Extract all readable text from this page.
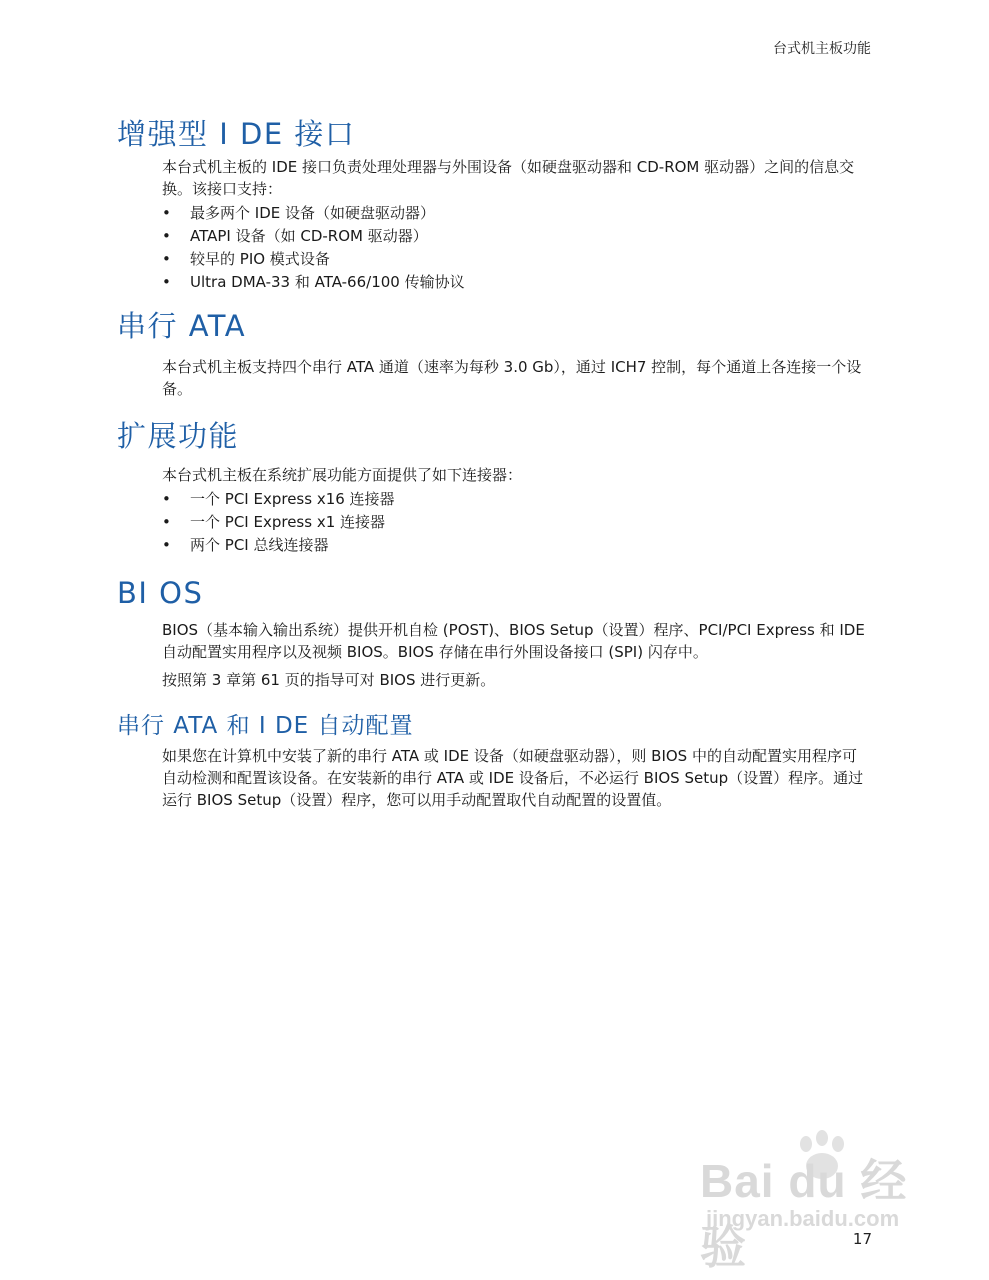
台式机主板功能
增强型 I DE 接口

本台式机主板的 IDE 接口负责处理处理器与外围设备（如硬盘驱动器和 CD-ROM 驱动器）之间的信息交换。该接口支持：

• 最多两个 IDE 设备（如硬盘驱动器）
• ATAPI 设备（如 CD-ROM 驱动器）
• 较早的 PIO 模式设备
• Ultra DMA-33 和 ATA-66/100 传输协议
串行 ATA

本台式机主板支持四个串行 ATA 通道（速率为每秒 3.0 Gb），通过 ICH7 控制，每个通道上各连接一个设备。

扩展功能

本台式机主板在系统扩展功能方面提供了如下连接器：

• 一个 PCI Express x16 连接器
• 一个 PCI Express x1 连接器
• 两个 PCI 总线连接器
BI OS

BIOS（基本输入输出系统）提供开机自检 (POST)、BIOS Setup（设置）程序、PCI/PCI Express 和 IDE 自动配置实用程序以及视频 BIOS。BIOS 存储在串行外围设备接口 (SPI) 闪存中。

按照第 3 章第 61 页的指导可对 BIOS 进行更新。

串行 ATA 和 I DE 自动配置

如果您在计算机中安装了新的串行 ATA 或 IDE 设备（如硬盘驱动器），则 BIOS 中的自动配置实用程序可自动检测和配置该设备。在安装新的串行 ATA 或 IDE 设备后，不必运行 BIOS Setup（设置）程序。通过运行 BIOS Setup（设置）程序，您可以用手动配置取代自动配置的设置值。

Bai du 经验
jingyan.baidu.com
17
